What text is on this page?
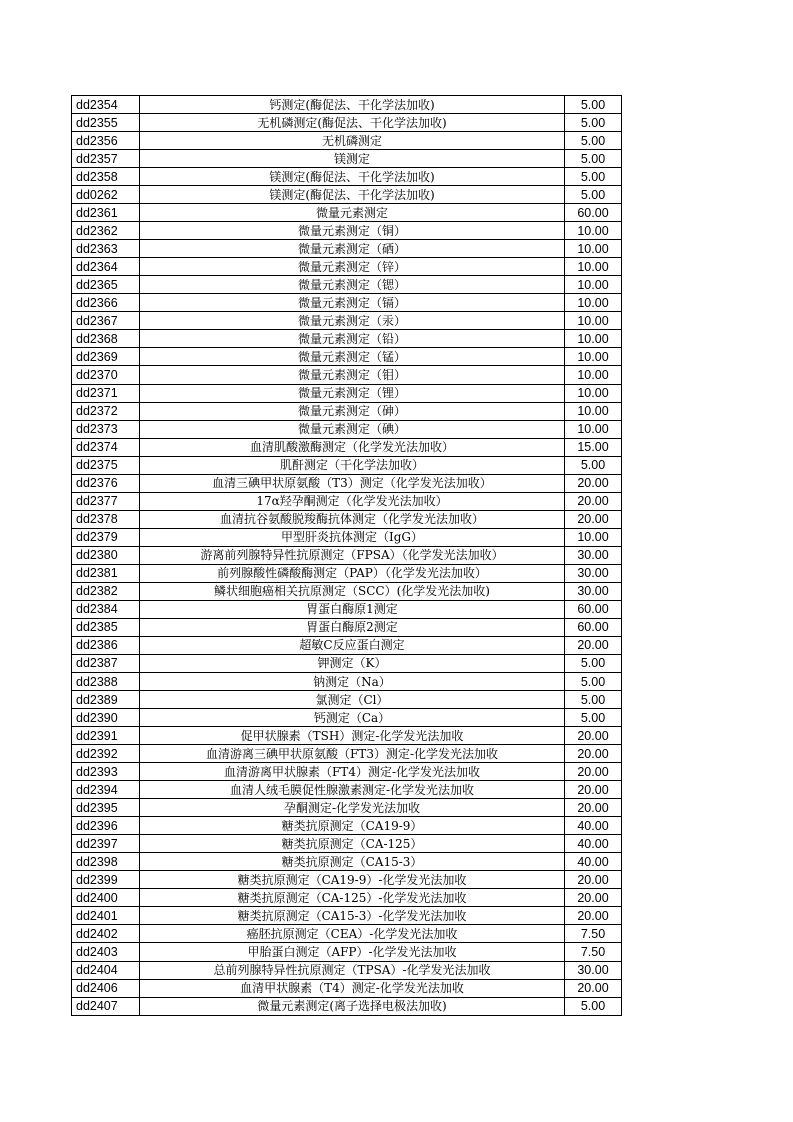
dd2354	钙测定(酶促法、干化学法加收)	5.00
dd2355	无机磷测定(酶促法、干化学法加收)	5.00
dd2356	无机磷测定	5.00
dd2357	镁测定	5.00
dd2358	镁测定(酶促法、干化学法加收)	5.00
dd0262	镁测定(酶促法、干化学法加收)	5.00
dd2361	微量元素测定	60.00
dd2362	微量元素测定（铜）	10.00
dd2363	微量元素测定（硒）	10.00
dd2364	微量元素测定（锌）	10.00
dd2365	微量元素测定（锶）	10.00
dd2366	微量元素测定（镉）	10.00
dd2367	微量元素测定（汞）	10.00
dd2368	微量元素测定（铅）	10.00
dd2369	微量元素测定（锰）	10.00
dd2370	微量元素测定（钼）	10.00
dd2371	微量元素测定（锂）	10.00
dd2372	微量元素测定（砷）	10.00
dd2373	微量元素测定（碘）	10.00
dd2374	血清肌酸激酶测定（化学发光法加收）	15.00
dd2375	肌酐测定（干化学法加收）	5.00
dd2376	血清三碘甲状原氨酸（T3）测定（化学发光法加收）	20.00
dd2377	17α羟孕酮测定（化学发光法加收）	20.00
dd2378	血清抗谷氨酸脱羧酶抗体测定（化学发光法加收）	20.00
dd2379	甲型肝炎抗体测定（IgG）	10.00
dd2380	游离前列腺特异性抗原测定（FPSA）（化学发光法加收）	30.00
dd2381	前列腺酸性磷酸酶测定（PAP）（化学发光法加收）	30.00
dd2382	鳞状细胞癌相关抗原测定（SCC）(化学发光法加收)	30.00
dd2384	胃蛋白酶原1测定	60.00
dd2385	胃蛋白酶原2测定	60.00
dd2386	超敏C反应蛋白测定	20.00
dd2387	钾测定（K）	5.00
dd2388	钠测定（Na）	5.00
dd2389	氯测定（Cl）	5.00
dd2390	钙测定（Ca）	5.00
dd2391	促甲状腺素（TSH）测定-化学发光法加收	20.00
dd2392	血清游离三碘甲状原氨酸（FT3）测定-化学发光法加收	20.00
dd2393	血清游离甲状腺素（FT4）测定-化学发光法加收	20.00
dd2394	血清人绒毛膜促性腺激素测定-化学发光法加收	20.00
dd2395	孕酮测定-化学发光法加收	20.00
dd2396	糖类抗原测定（CA19-9）	40.00
dd2397	糖类抗原测定（CA-125）	40.00
dd2398	糖类抗原测定（CA15-3）	40.00
dd2399	糖类抗原测定（CA19-9）-化学发光法加收	20.00
dd2400	糖类抗原测定（CA-125）-化学发光法加收	20.00
dd2401	糖类抗原测定（CA15-3）-化学发光法加收	20.00
dd2402	癌胚抗原测定（CEA）-化学发光法加收	7.50
dd2403	甲胎蛋白测定（AFP）-化学发光法加收	7.50
dd2404	总前列腺特异性抗原测定（TPSA）-化学发光法加收	30.00
dd2406	血清甲状腺素（T4）测定-化学发光法加收	20.00
dd2407	微量元素测定(离子选择电极法加收)	5.00
